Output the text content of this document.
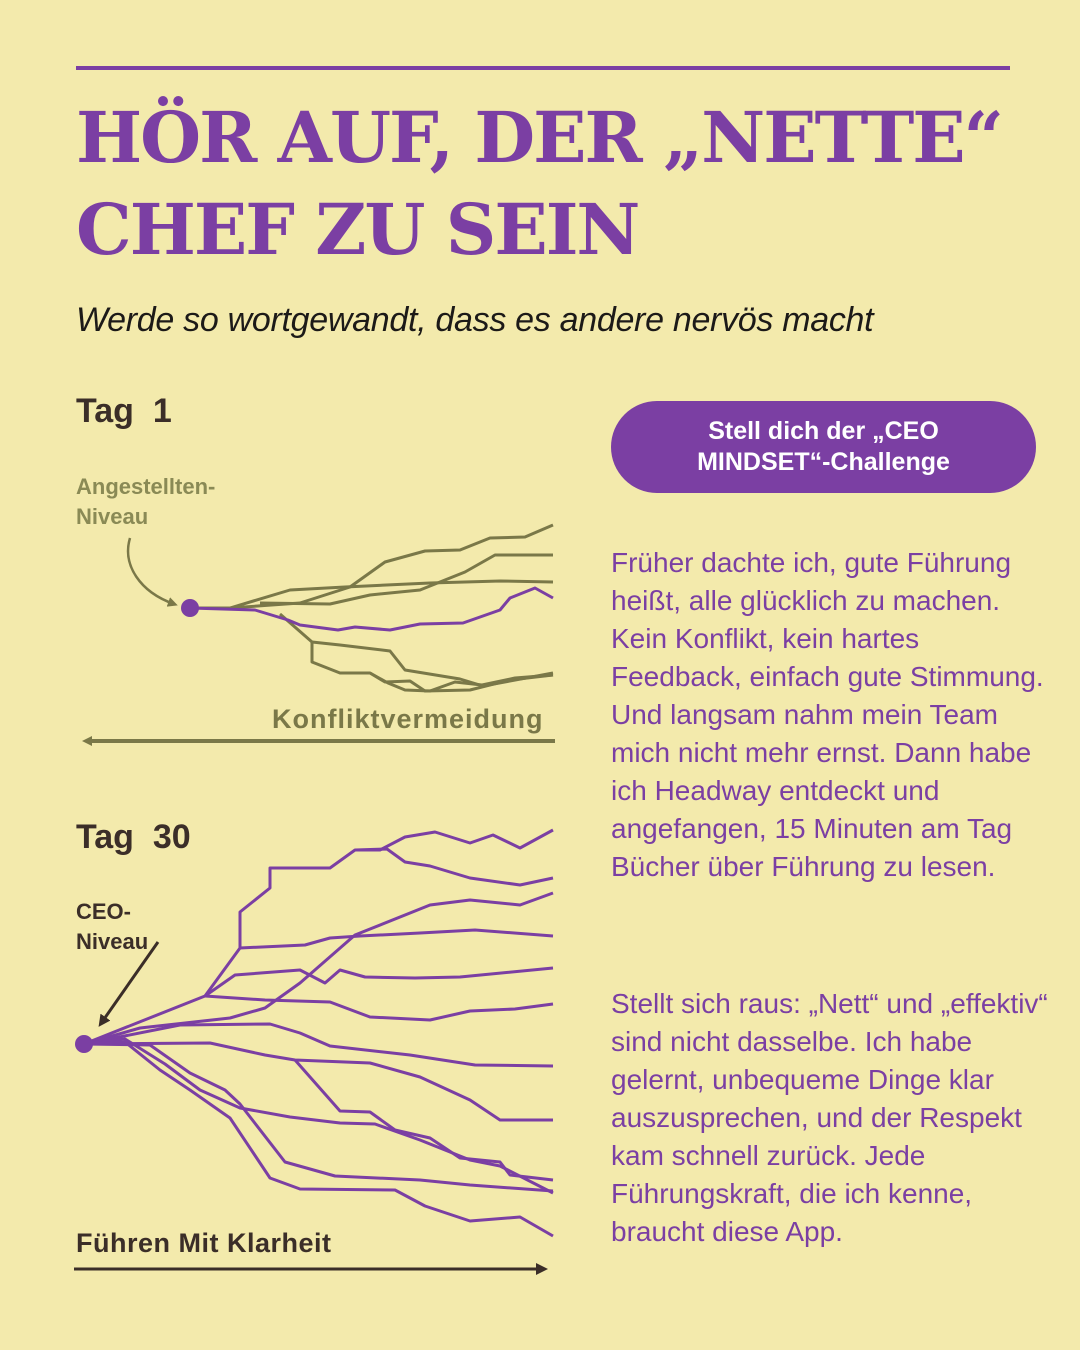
HÖR AUF, DER „NETTE“ CHEF ZU SEIN

Werde so wortgewandt, dass es andere nervös macht

Tag  1
Angestellten-
Niveau
Konfliktvermeidung
Tag  30
CEO-
Niveau
Führen Mit Klarheit
Stell dich der „CEO MINDSET“-Challenge

Früher dachte ich, gute Führung heißt, alle glücklich zu machen. Kein Konflikt, kein hartes Feedback, einfach gute Stimmung. Und langsam nahm mein Team mich nicht mehr ernst. Dann habe ich Headway entdeckt und angefangen, 15 Minuten am Tag Bücher über Führung zu lesen.

Stellt sich raus: „Nett“ und „effektiv“ sind nicht dasselbe. Ich habe gelernt, unbequeme Dinge klar auszusprechen, und der Respekt kam schnell zurück. Jede Führungskraft, die ich kenne, braucht diese App.
